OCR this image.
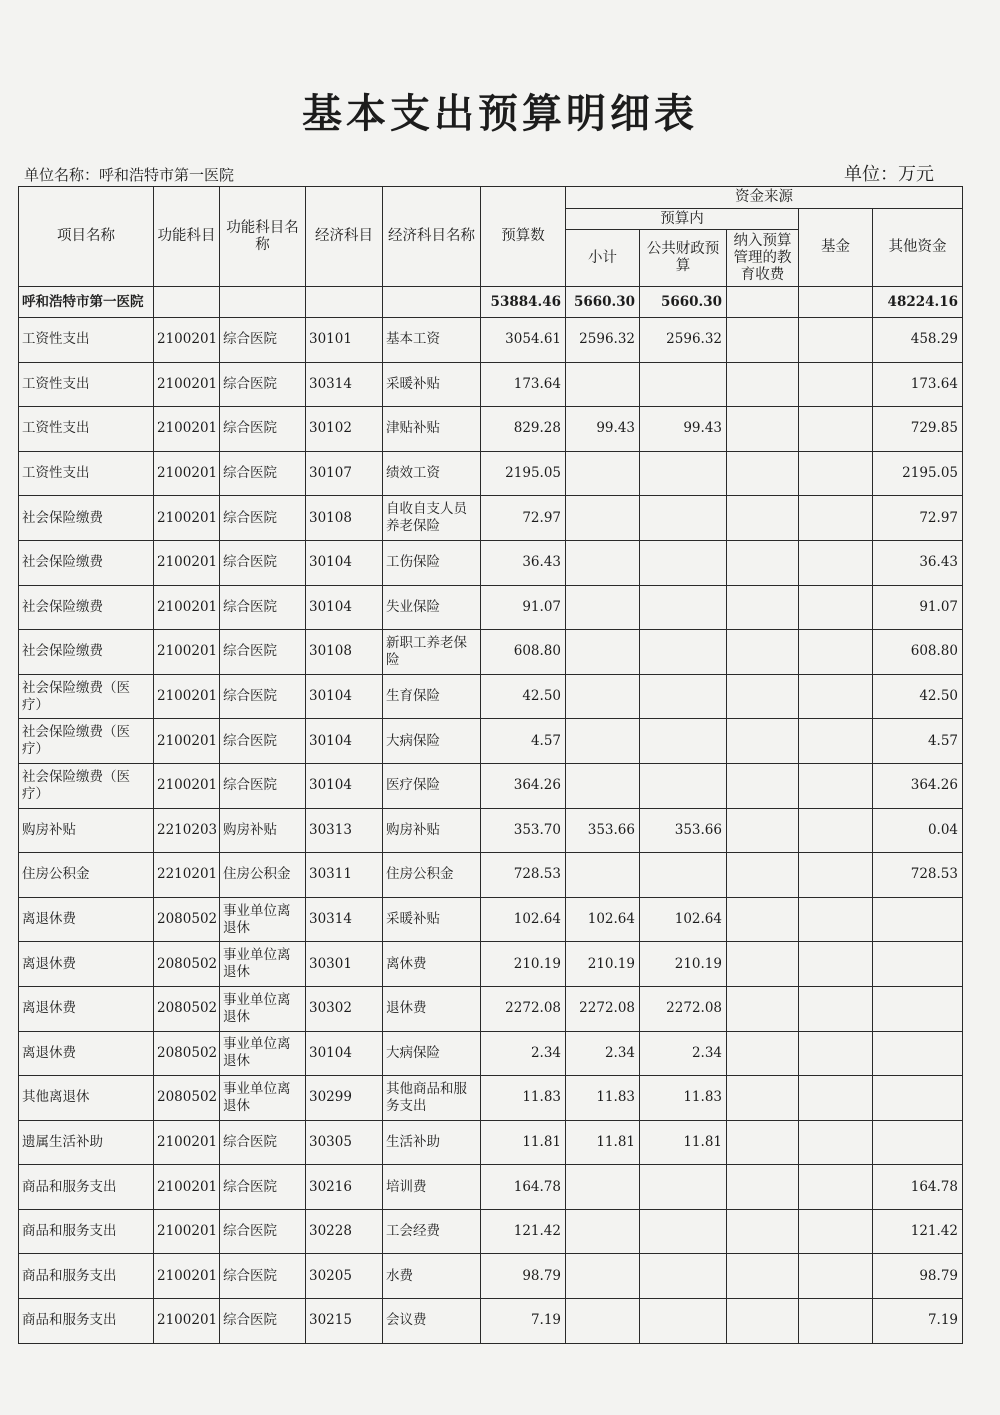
基本支出预算明细表
单位名称：呼和浩特市第一医院	单位：万元
项目名称	功能科目	功能科目名称	经济科目	经济科目名称	预算数	资金来源				
						预算内			基金	其他资金
						小计	公共财政预算	纳入预算管理的教育收费		
呼和浩特市第一医院					53884.46	5660.30	5660.30			48224.16
工资性支出	2100201	综合医院	30101	基本工资	3054.61	2596.32	2596.32			458.29
工资性支出	2100201	综合医院	30314	采暖补贴	173.64					173.64
工资性支出	2100201	综合医院	30102	津贴补贴	829.28	99.43	99.43			729.85
工资性支出	2100201	综合医院	30107	绩效工资	2195.05					2195.05
社会保险缴费	2100201	综合医院	30108	自收自支人员养老保险	72.97					72.97
社会保险缴费	2100201	综合医院	30104	工伤保险	36.43					36.43
社会保险缴费	2100201	综合医院	30104	失业保险	91.07					91.07
社会保险缴费	2100201	综合医院	30108	新职工养老保险	608.80					608.80
社会保险缴费（医疗）	2100201	综合医院	30104	生育保险	42.50					42.50
社会保险缴费（医疗）	2100201	综合医院	30104	大病保险	4.57					4.57
社会保险缴费（医疗）	2100201	综合医院	30104	医疗保险	364.26					364.26
购房补贴	2210203	购房补贴	30313	购房补贴	353.70	353.66	353.66			0.04
住房公积金	2210201	住房公积金	30311	住房公积金	728.53					728.53
离退休费	2080502	事业单位离退休	30314	采暖补贴	102.64	102.64	102.64			
离退休费	2080502	事业单位离退休	30301	离休费	210.19	210.19	210.19			
离退休费	2080502	事业单位离退休	30302	退休费	2272.08	2272.08	2272.08			
离退休费	2080502	事业单位离退休	30104	大病保险	2.34	2.34	2.34			
其他离退休	2080502	事业单位离退休	30299	其他商品和服务支出	11.83	11.83	11.83			
遗属生活补助	2100201	综合医院	30305	生活补助	11.81	11.81	11.81			
商品和服务支出	2100201	综合医院	30216	培训费	164.78					164.78
商品和服务支出	2100201	综合医院	30228	工会经费	121.42					121.42
商品和服务支出	2100201	综合医院	30205	水费	98.79					98.79
商品和服务支出	2100201	综合医院	30215	会议费	7.19					7.19
